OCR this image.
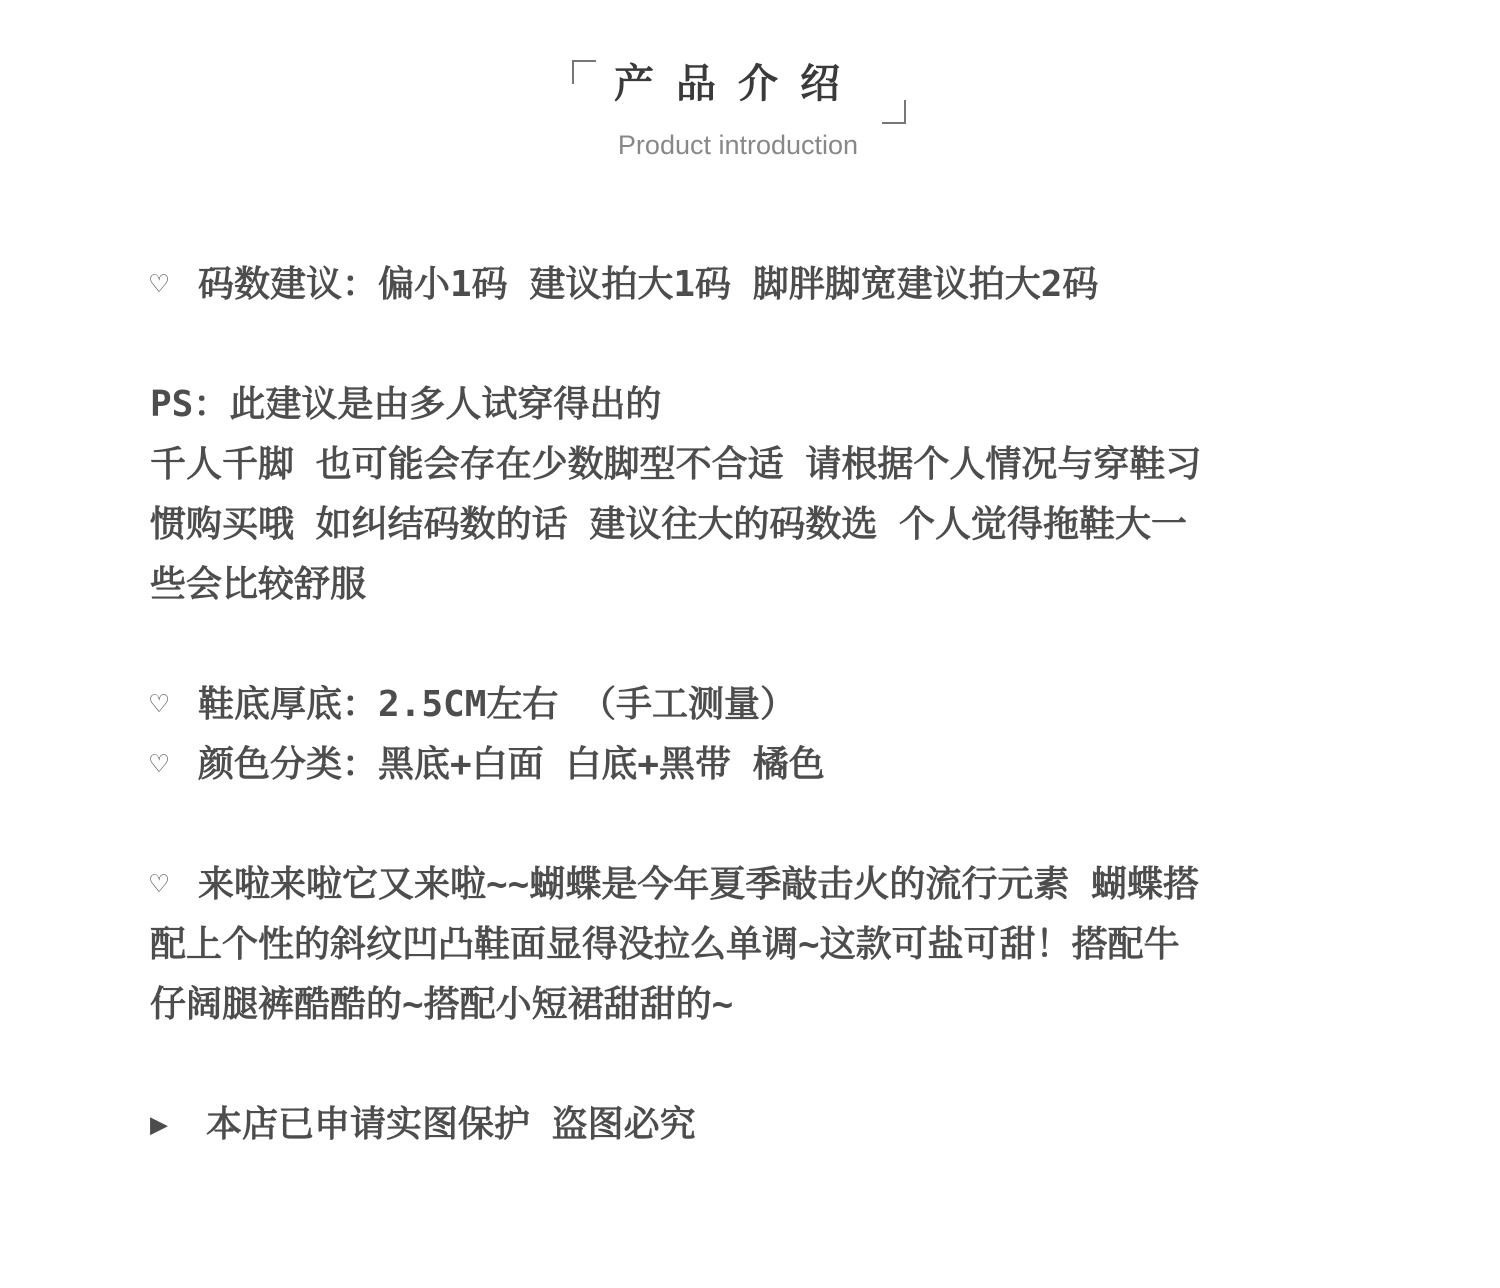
产品介绍
Product introduction
♡ 码数建议：偏小1码 建议拍大1码 脚胖脚宽建议拍大2码
PS：此建议是由多人试穿得出的
千人千脚 也可能会存在少数脚型不合适 请根据个人情况与穿鞋习
惯购买哦 如纠结码数的话 建议往大的码数选 个人觉得拖鞋大一
些会比较舒服
♡ 鞋底厚底：2.5CM左右 （手工测量）
♡ 颜色分类：黑底+白面 白底+黑带 橘色
♡ 来啦来啦它又来啦~~蝴蝶是今年夏季敲击火的流行元素 蝴蝶搭
配上个性的斜纹凹凸鞋面显得没拉么单调~这款可盐可甜！搭配牛
仔阔腿裤酷酷的~搭配小短裙甜甜的~
▶ 本店已申请实图保护 盗图必究
